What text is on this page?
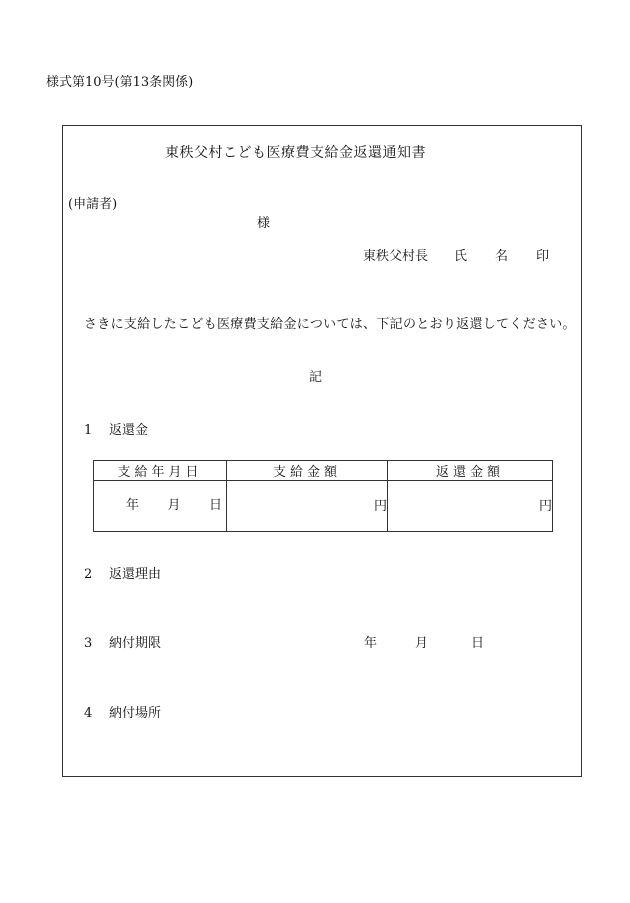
様式第10号(第13条関係)
東秩父村こども医療費支給金返還通知書
(申請者)
様
東秩父村長 氏 名 印
さきに支給したこども医療費支給金については、下記のとおり返還してください。
記
1 返還金
支給年月日	支給金額	返還金額

年 月 日	円	円
2 返還理由
3 納付期限	年	月	日
4 納付場所
